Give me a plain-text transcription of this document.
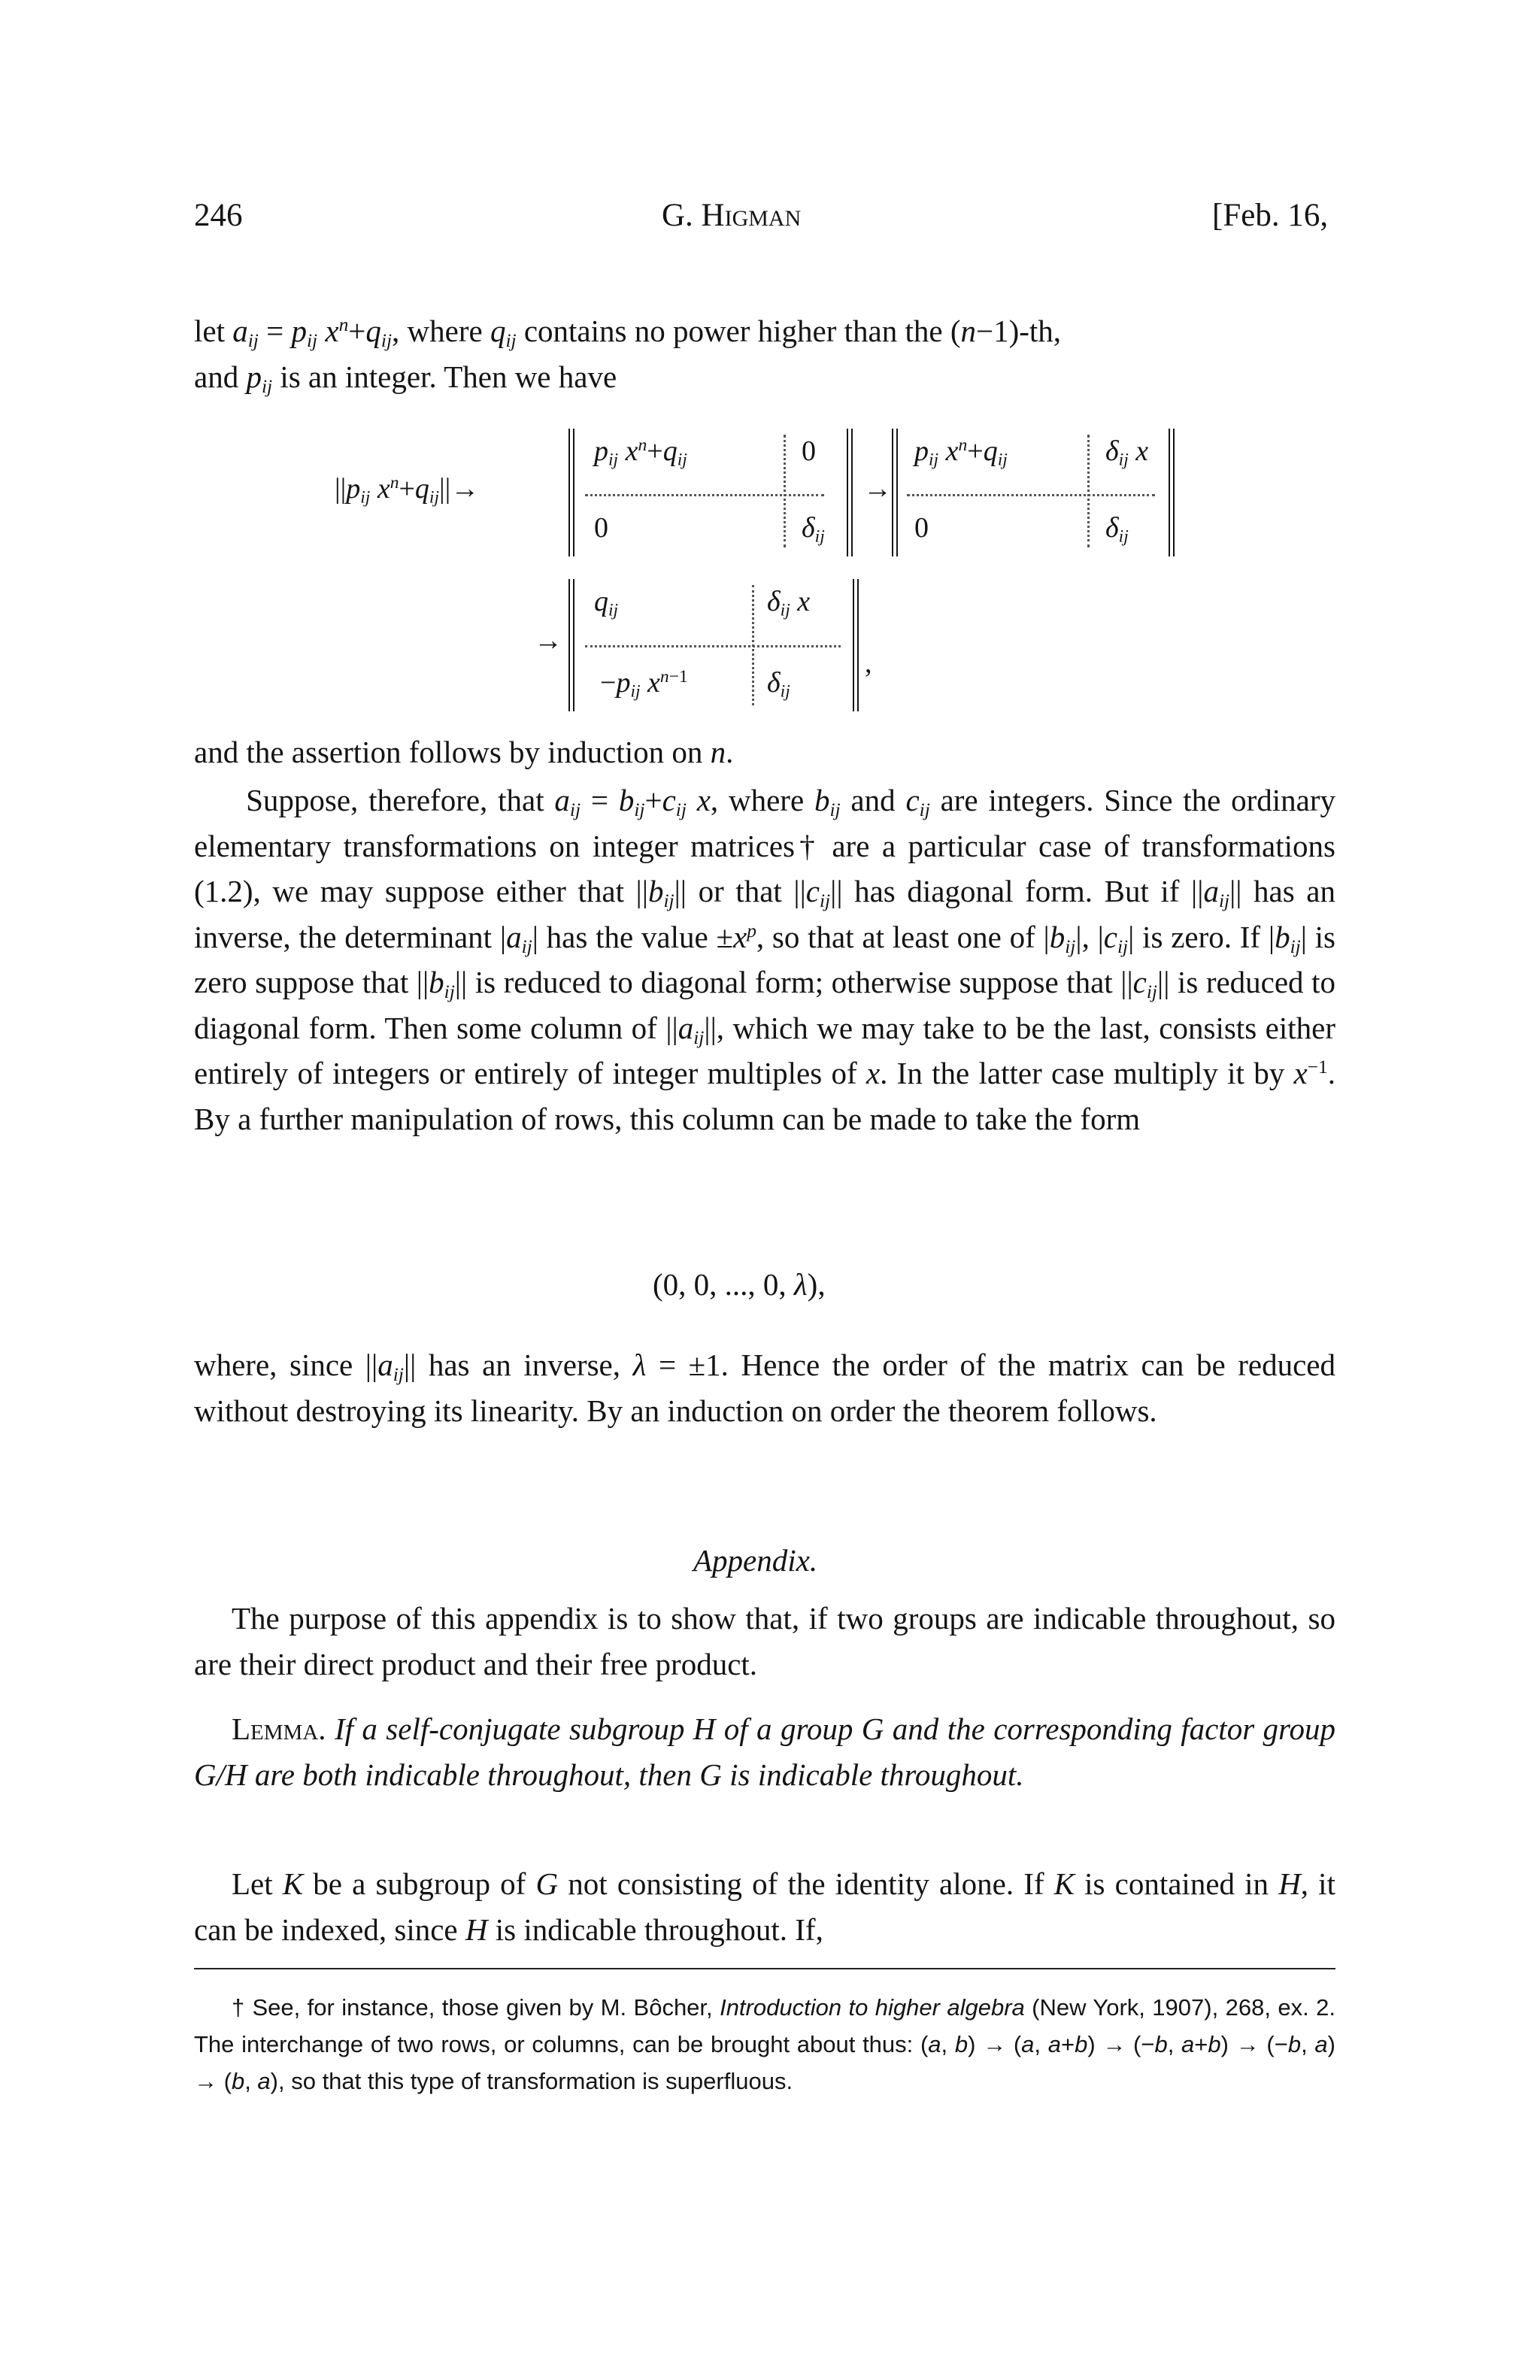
246	G. Higman	[Feb. 16,
let $a_{ij} = p_{ij}$ $x^n+q_{ij}$, where $q_{ij}$ contains no power higher than the (n−1)-th,
and $p_{ij}$ is an integer. Then we have
$||p_{ij}$ $x^n+q_{ij}||\to$
$p_{ij}$ $x^n+q_{ij}$	0
0	$\delta_{ij}$
→
$p_{ij}$ $x^n+q_{ij}$	$\delta_{ij}$ x
0	$\delta_{ij}$
→
$q_{ij}$	$\delta_{ij}$ x
$-p_{ij}$ $x^{n-1}$	$\delta_{ij}$
,
and the assertion follows by induction on n.
Suppose, therefore, that $a_{ij} = b_{ij}+c_{ij}$ x, where $b_{ij}$ and $c_{ij}$ are integers. Since the ordinary elementary transformations on integer matrices† are a particular case of transformations (1.2), we may suppose either that $||b_{ij}||$ or that $||c_{ij}||$ has diagonal form. But if $||a_{ij}||$ has an inverse, the determinant $|a_{ij}|$ has the value $\pm x^p$, so that at least one of $|b_{ij}|$, $|c_{ij}|$ is zero. If $|b_{ij}|$ is zero suppose that $||b_{ij}||$ is reduced to diagonal form; otherwise suppose that $||c_{ij}||$ is reduced to diagonal form. Then some column of $||a_{ij}||$, which we may take to be the last, consists either entirely of integers or entirely of integer multiples of x. In the latter case multiply it by $x^{-1}$. By a further manipulation of rows, this column can be made to take the form
(0, 0, ..., 0, λ),
where, since $||a_{ij}||$ has an inverse, λ = ±1. Hence the order of the matrix can be reduced without destroying its linearity. By an induction on order the theorem follows.
Appendix.
The purpose of this appendix is to show that, if two groups are indicable throughout, so are their direct product and their free product.
Lemma. If a self-conjugate subgroup H of a group G and the corresponding factor group G/H are both indicable throughout, then G is indicable throughout.
Let K be a subgroup of G not consisting of the identity alone. If K is contained in H, it can be indexed, since H is indicable throughout. If,
† See, for instance, those given by M. Bôcher, Introduction to higher algebra (New York, 1907), 268, ex. 2. The interchange of two rows, or columns, can be brought about thus: (a, b) → (a, a+b) → (−b, a+b) → (−b, a) → (b, a), so that this type of transformation is superfluous.
